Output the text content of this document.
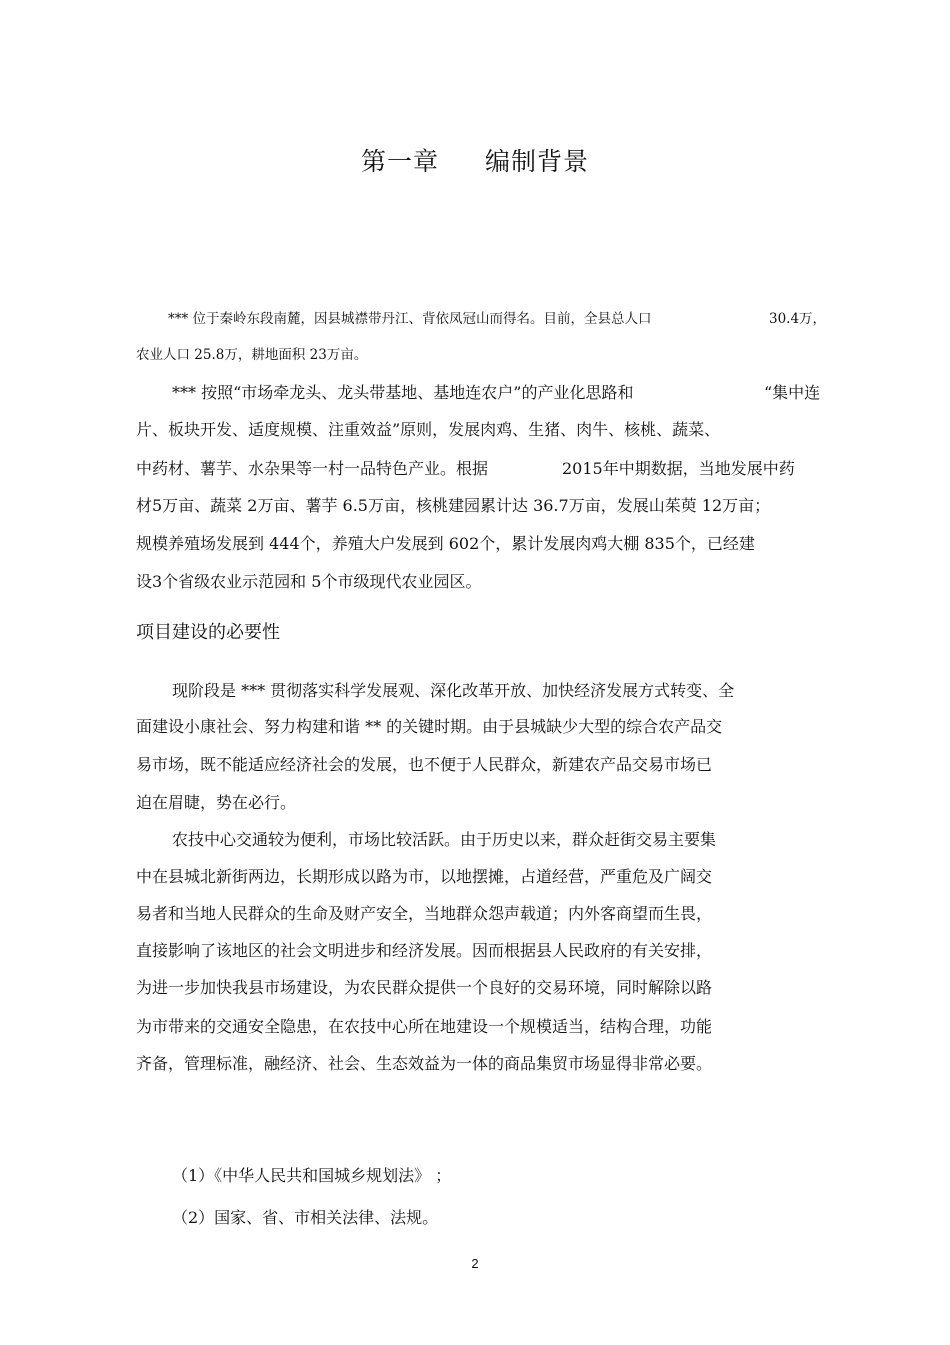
第一章 编制背景
*** 位于秦岭东段南麓，因县城襟带丹江、背依凤冠山而得名。目前，全县总人口	30.4万，
农业人口 25.8万，耕地面积 23万亩。
*** 按照“市场牵龙头、龙头带基地、基地连农户”的产业化思路和	“集中连
片、板块开发、适度规模、注重效益”原则，发展肉鸡、生猪、肉牛、核桃、蔬菜、
中药材、薯芋、水杂果等一村一品特色产业。根据	2015年中期数据，当地发展中药
材5万亩、蔬菜 2万亩、薯芋 6.5万亩，核桃建园累计达 36.7万亩，发展山茱萸 12万亩；
规模养殖场发展到 444个，养殖大户发展到 602个，累计发展肉鸡大棚 835个，已经建
设3个省级农业示范园和 5个市级现代农业园区。
项目建设的必要性
现阶段是 *** 贯彻落实科学发展观、深化改革开放、加快经济发展方式转变、全
面建设小康社会、努力构建和谐 ** 的关键时期。由于县城缺少大型的综合农产品交
易市场，既不能适应经济社会的发展，也不便于人民群众，新建农产品交易市场已
迫在眉睫，势在必行。
农技中心交通较为便利，市场比较活跃。由于历史以来，群众赶街交易主要集
中在县城北新街两边，长期形成以路为市，以地摆摊，占道经营，严重危及广阔交
易者和当地人民群众的生命及财产安全，当地群众怨声载道；内外客商望而生畏，
直接影响了该地区的社会文明进步和经济发展。因而根据县人民政府的有关安排，
为进一步加快我县市场建设，为农民群众提供一个良好的交易环境，同时解除以路
为市带来的交通安全隐患，在农技中心所在地建设一个规模适当，结构合理，功能
齐备，管理标准，融经济、社会、生态效益为一体的商品集贸市场显得非常必要。
（1）《中华人民共和国城乡规划法》 ；
（2）国家、省、市相关法律、法规。
2
